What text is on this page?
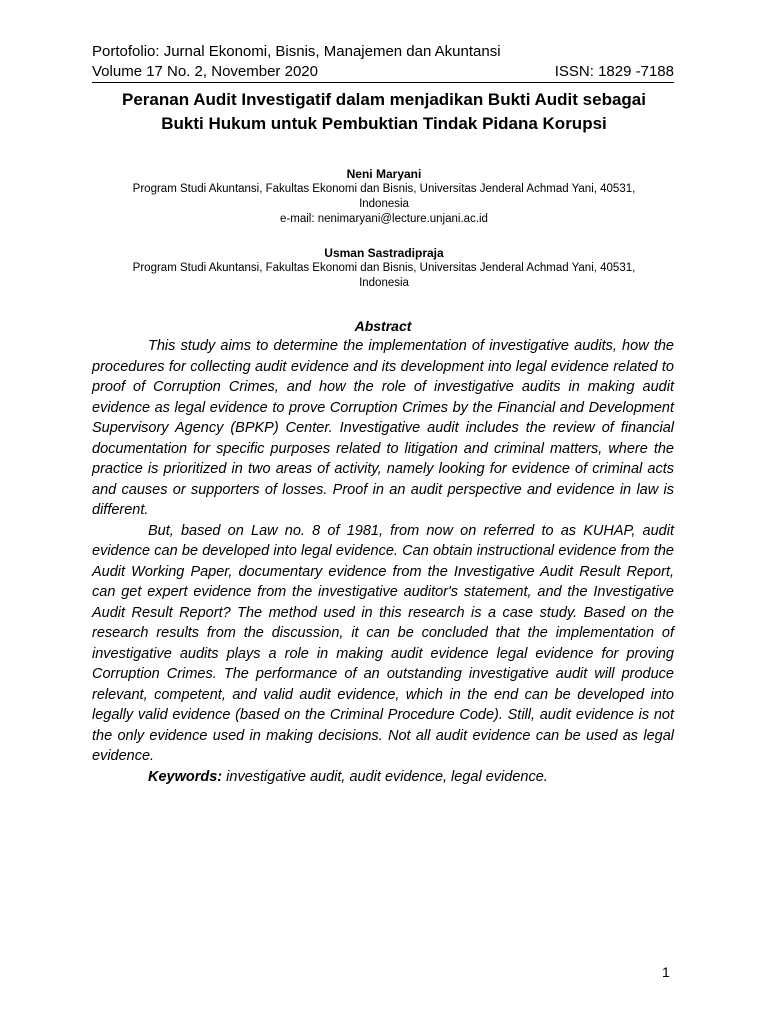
Portofolio: Jurnal Ekonomi, Bisnis, Manajemen dan Akuntansi
Volume 17 No. 2, November 2020	ISSN: 1829 -7188
Peranan Audit Investigatif dalam menjadikan Bukti Audit sebagai
Bukti Hukum untuk Pembuktian Tindak Pidana Korupsi
Neni Maryani
Program Studi Akuntansi, Fakultas Ekonomi dan Bisnis, Universitas Jenderal Achmad Yani, 40531,
Indonesia
e-mail: nenimaryani@lecture.unjani.ac.id
Usman Sastradipraja
Program Studi Akuntansi, Fakultas Ekonomi dan Bisnis, Universitas Jenderal Achmad Yani, 40531,
Indonesia
Abstract

This study aims to determine the implementation of investigative audits, how the procedures for collecting audit evidence and its development into legal evidence related to proof of Corruption Crimes, and how the role of investigative audits in making audit evidence as legal evidence to prove Corruption Crimes by the Financial and Development Supervisory Agency (BPKP) Center. Investigative audit includes the review of financial documentation for specific purposes related to litigation and criminal matters, where the practice is prioritized in two areas of activity, namely looking for evidence of criminal acts and causes or supporters of losses. Proof in an audit perspective and evidence in law is different.

But, based on Law no. 8 of 1981, from now on referred to as KUHAP, audit evidence can be developed into legal evidence. Can obtain instructional evidence from the Audit Working Paper, documentary evidence from the Investigative Audit Result Report, can get expert evidence from the investigative auditor's statement, and the Investigative Audit Result Report? The method used in this research is a case study. Based on the research results from the discussion, it can be concluded that the implementation of investigative audits plays a role in making audit evidence legal evidence for proving Corruption Crimes. The performance of an outstanding investigative audit will produce relevant, competent, and valid audit evidence, which in the end can be developed into legally valid evidence (based on the Criminal Procedure Code). Still, audit evidence is not the only evidence used in making decisions. Not all audit evidence can be used as legal evidence.

Keywords: investigative audit, audit evidence, legal evidence.

1
